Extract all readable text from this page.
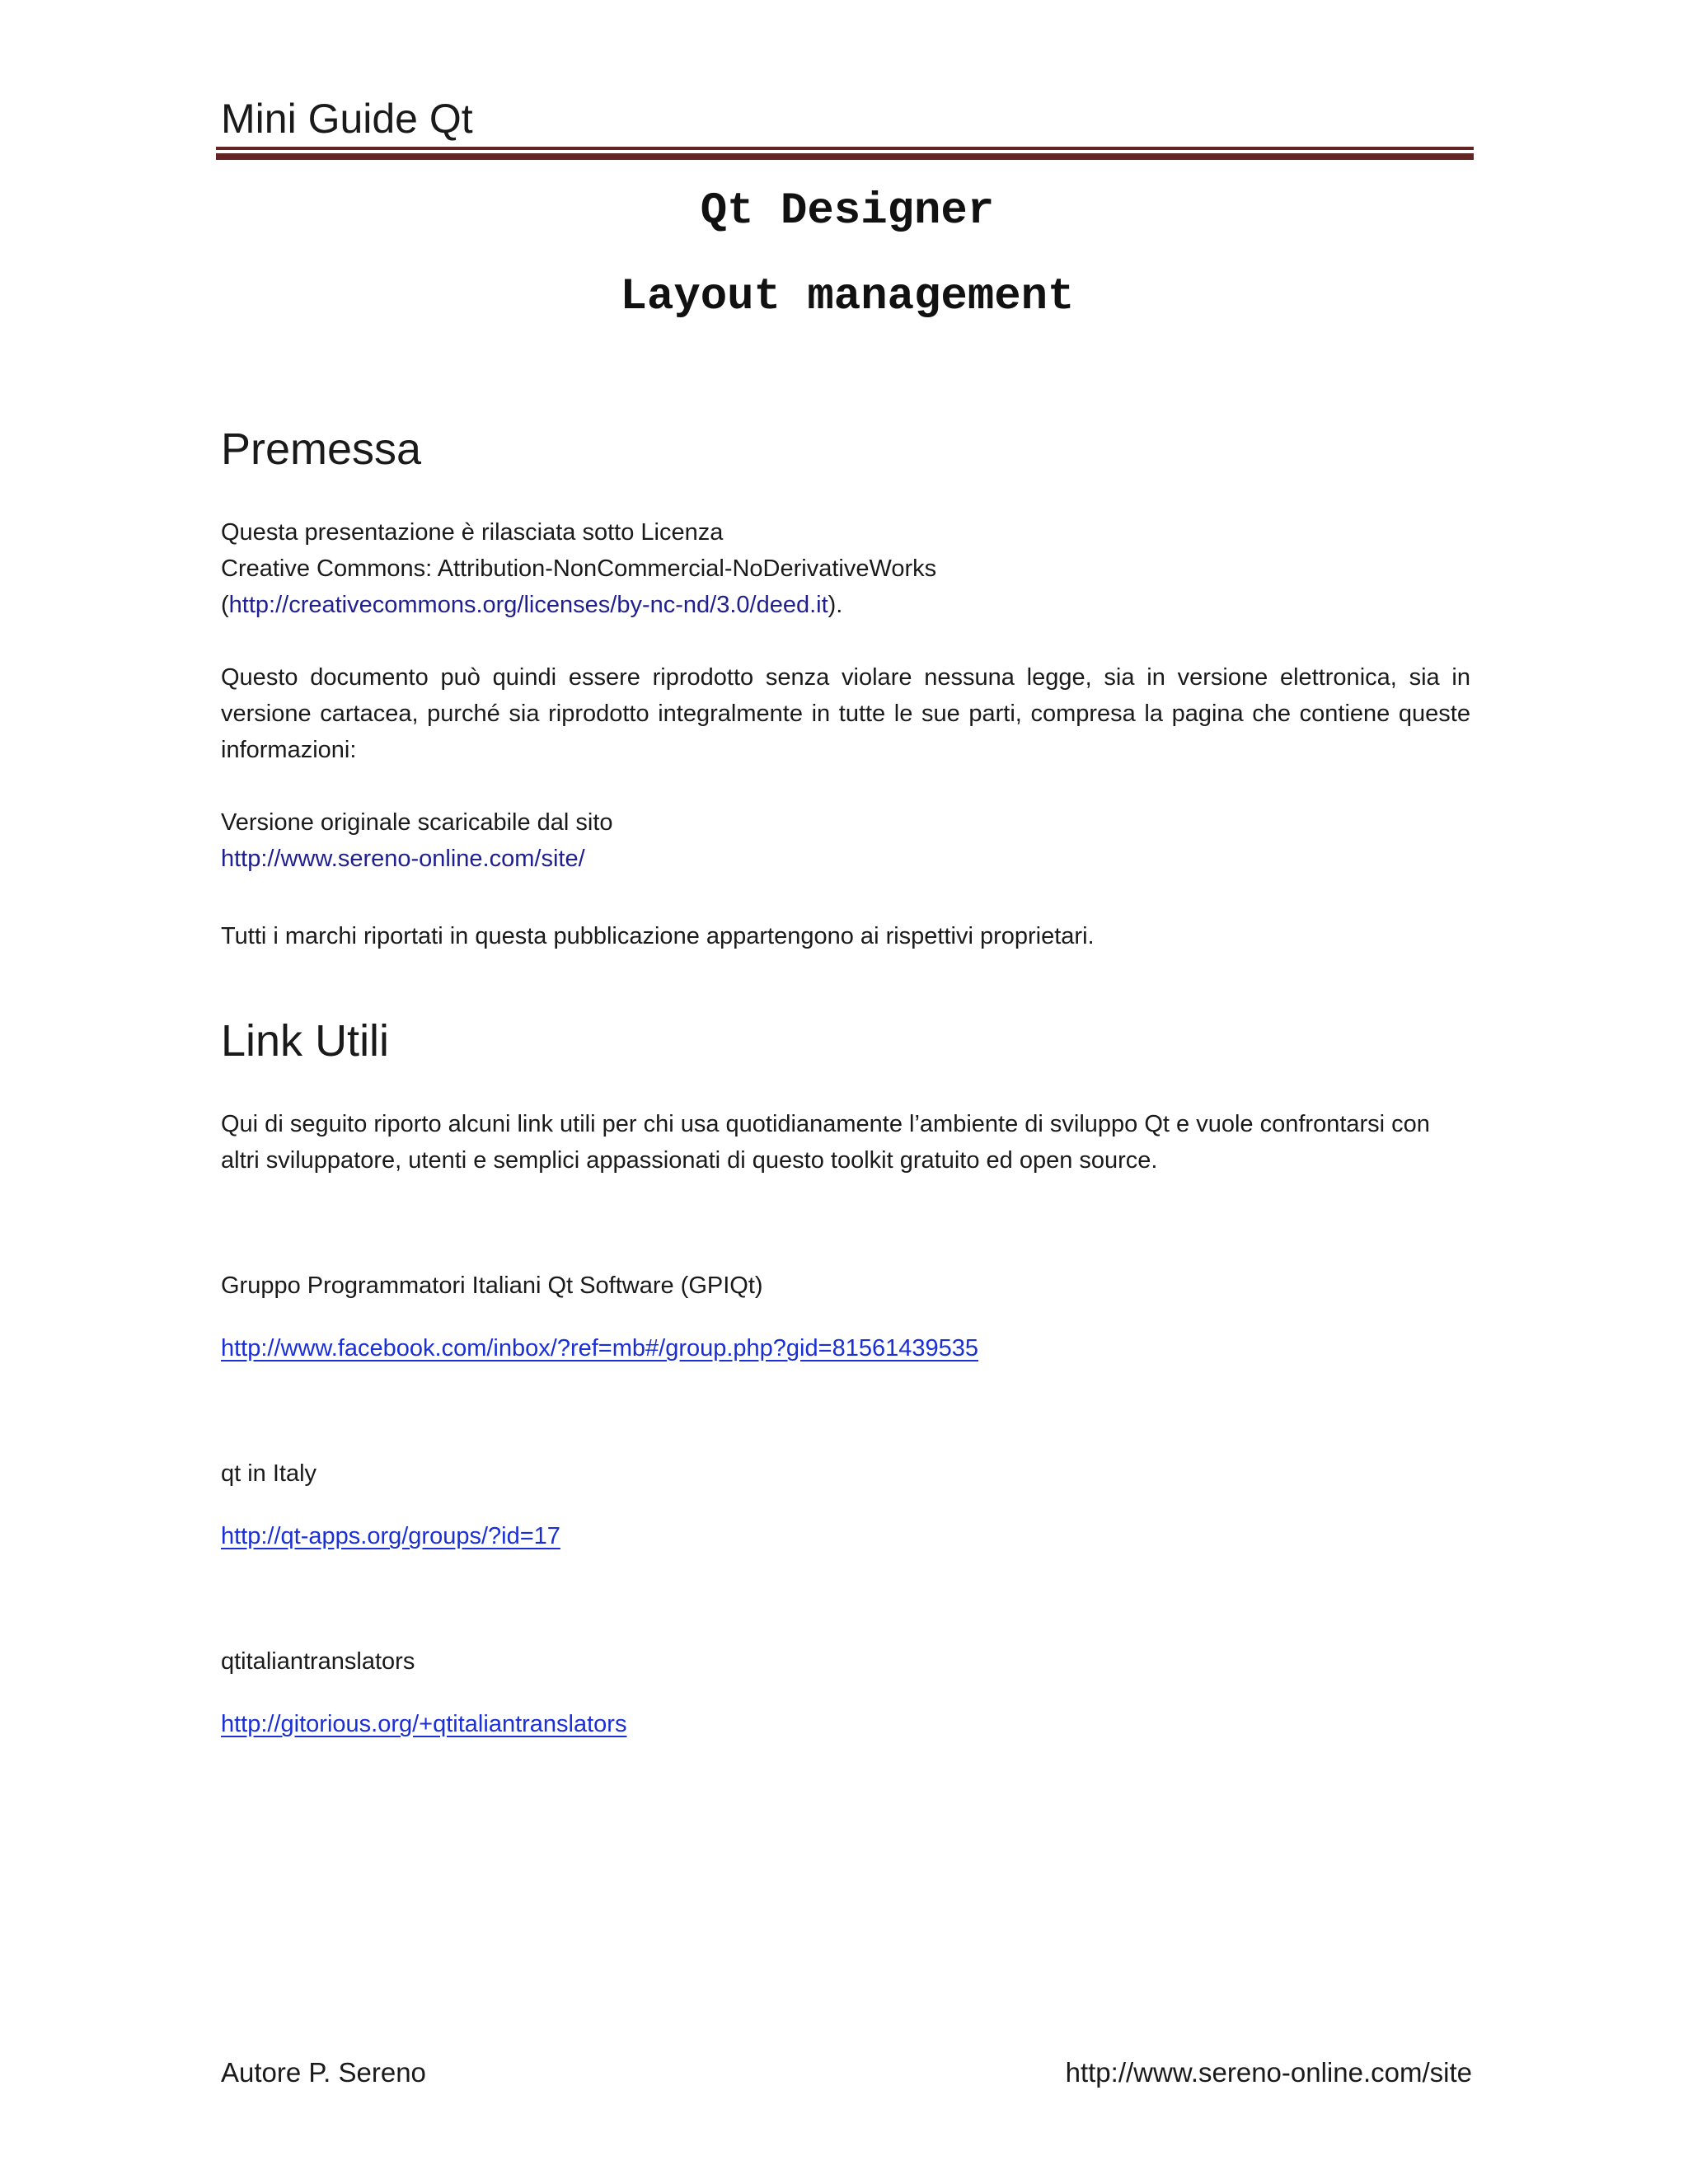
Mini Guide Qt
Qt Designer
Layout management
Premessa
Questa presentazione è rilasciata sotto Licenza
Creative Commons: Attribution-NonCommercial-NoDerivativeWorks
(http://creativecommons.org/licenses/by-nc-nd/3.0/deed.it).
Questo documento può quindi essere riprodotto senza violare nessuna legge, sia in versione elettronica, sia in versione cartacea, purché sia riprodotto integralmente in tutte le sue parti, compresa la pagina che contiene queste informazioni:
Versione originale scaricabile dal sito
http://www.sereno-online.com/site/
Tutti i marchi riportati in questa pubblicazione appartengono ai rispettivi proprietari.
Link Utili
Qui di seguito riporto alcuni link utili per chi usa quotidianamente l’ambiente di sviluppo Qt e vuole confrontarsi con altri sviluppatore, utenti e semplici appassionati di questo toolkit gratuito ed open source.
Gruppo Programmatori Italiani Qt Software (GPIQt)
http://www.facebook.com/inbox/?ref=mb#/group.php?gid=81561439535
qt in Italy
http://qt-apps.org/groups/?id=17
qtitaliantranslators
http://gitorious.org/+qtitaliantranslators
Autore P. Sereno	http://www.sereno-online.com/site
